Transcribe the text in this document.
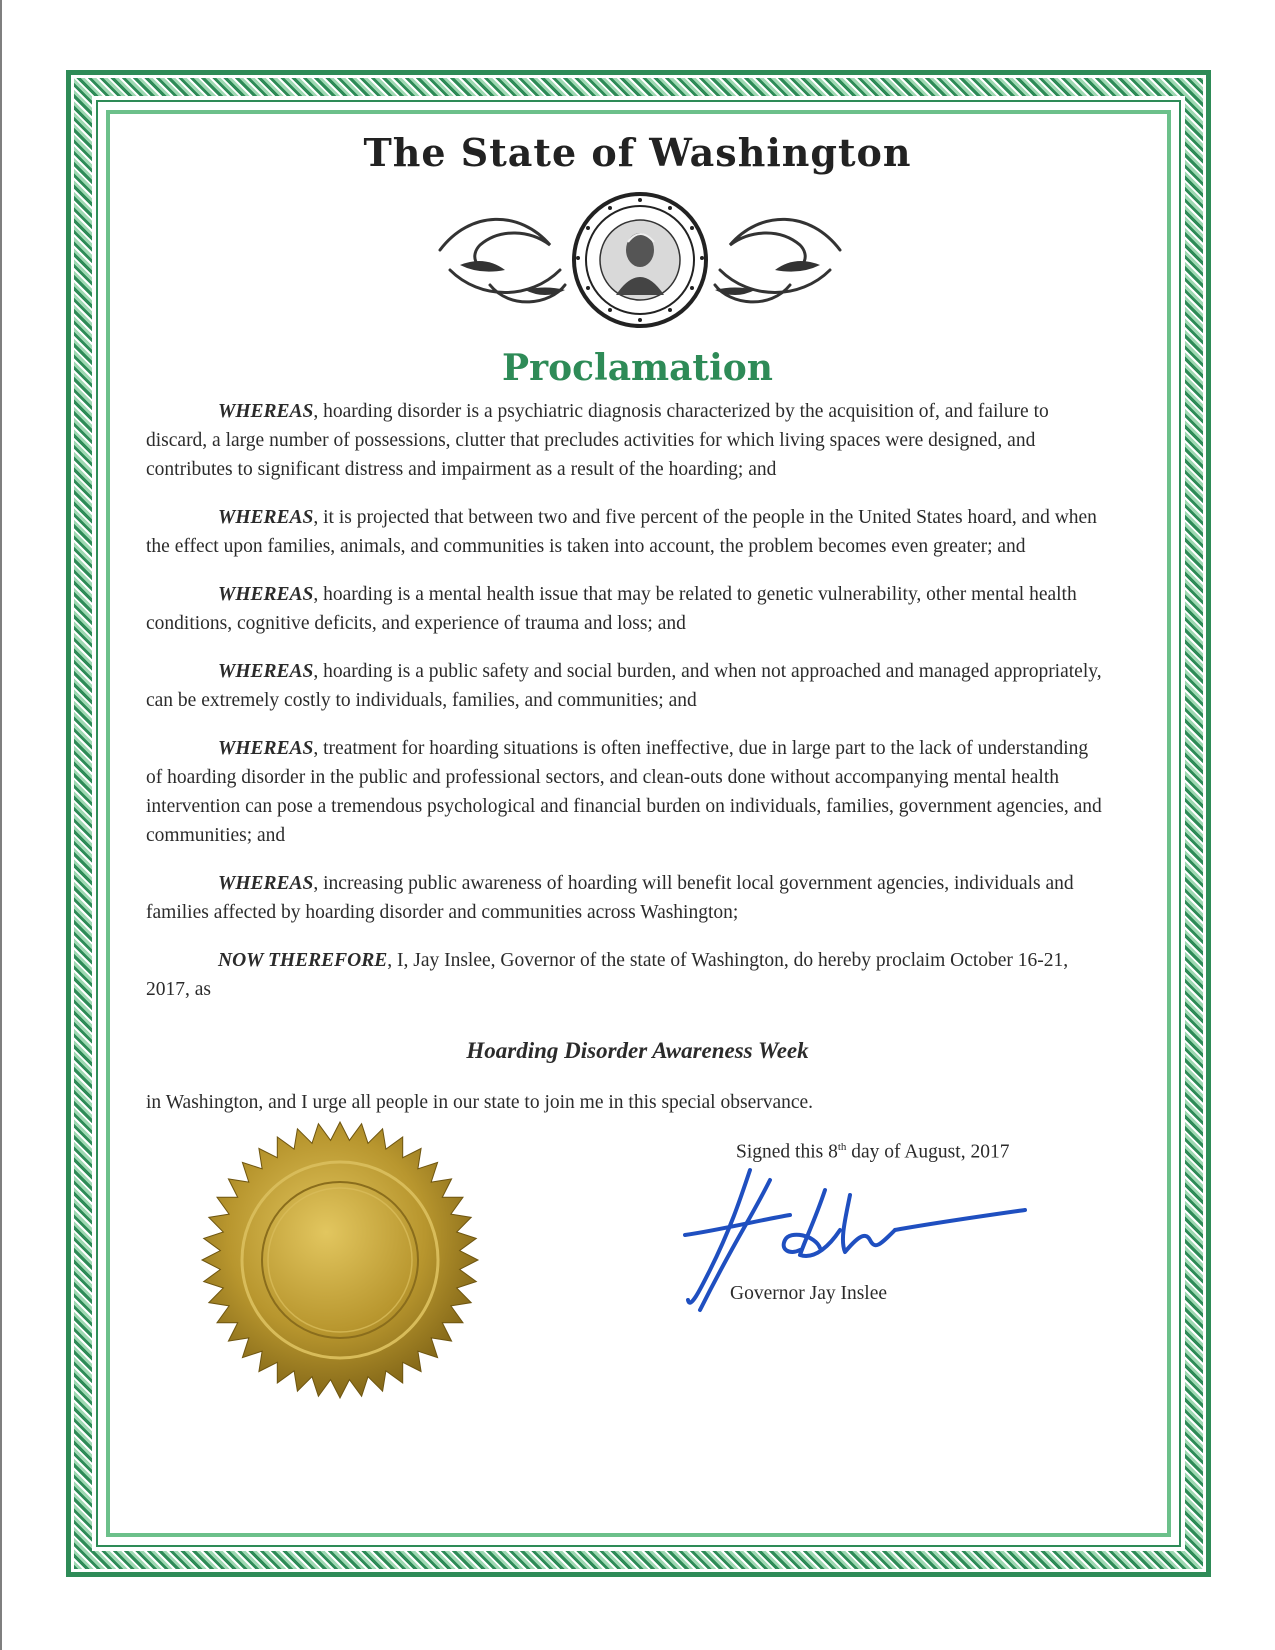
The State of Washington
Proclamation

WHEREAS, hoarding disorder is a psychiatric diagnosis characterized by the acquisition of, and failure to discard, a large number of possessions, clutter that precludes activities for which living spaces were designed, and contributes to significant distress and impairment as a result of the hoarding; and

WHEREAS, it is projected that between two and five percent of the people in the United States hoard, and when the effect upon families, animals, and communities is taken into account, the problem becomes even greater; and

WHEREAS, hoarding is a mental health issue that may be related to genetic vulnerability, other mental health conditions, cognitive deficits, and experience of trauma and loss; and

WHEREAS, hoarding is a public safety and social burden, and when not approached and managed appropriately, can be extremely costly to individuals, families, and communities; and

WHEREAS, treatment for hoarding situations is often ineffective, due in large part to the lack of understanding of hoarding disorder in the public and professional sectors, and clean-outs done without accompanying mental health intervention can pose a tremendous psychological and financial burden on individuals, families, government agencies, and communities; and

WHEREAS, increasing public awareness of hoarding will benefit local government agencies, individuals and families affected by hoarding disorder and communities across Washington;

NOW THEREFORE, I, Jay Inslee, Governor of the state of Washington, do hereby proclaim October 16-21, 2017, as

Hoarding Disorder Awareness Week
in Washington, and I urge all people in our state to join me in this special observance.
Signed this 8th day of August, 2017
Governor Jay Inslee
